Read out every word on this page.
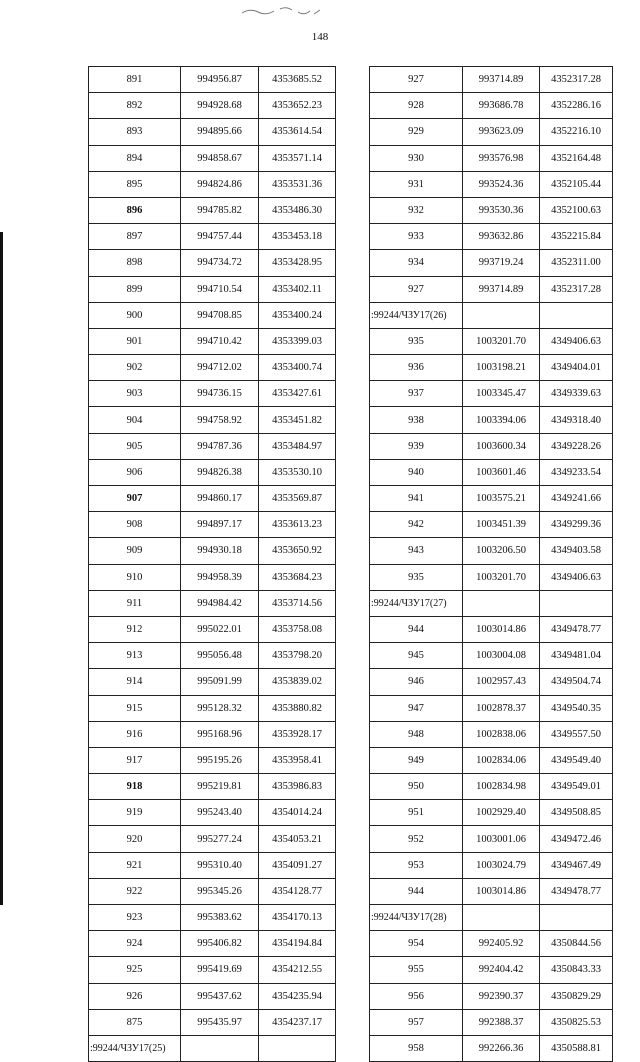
148
891	994956.87	4353685.52
892	994928.68	4353652.23
893	994895.66	4353614.54
894	994858.67	4353571.14
895	994824.86	4353531.36
896	994785.82	4353486.30
897	994757.44	4353453.18
898	994734.72	4353428.95
899	994710.54	4353402.11
900	994708.85	4353400.24
901	994710.42	4353399.03
902	994712.02	4353400.74
903	994736.15	4353427.61
904	994758.92	4353451.82
905	994787.36	4353484.97
906	994826.38	4353530.10
907	994860.17	4353569.87
908	994897.17	4353613.23
909	994930.18	4353650.92
910	994958.39	4353684.23
911	994984.42	4353714.56
912	995022.01	4353758.08
913	995056.48	4353798.20
914	995091.99	4353839.02
915	995128.32	4353880.82
916	995168.96	4353928.17
917	995195.26	4353958.41
918	995219.81	4353986.83
919	995243.40	4354014.24
920	995277.24	4354053.21
921	995310.40	4354091.27
922	995345.26	4354128.77
923	995383.62	4354170.13
924	995406.82	4354194.84
925	995419.69	4354212.55
926	995437.62	4354235.94
875	995435.97	4354237.17
:99244/ЧЗУ17(25)		
927	993714.89	4352317.28
928	993686.78	4352286.16
929	993623.09	4352216.10
930	993576.98	4352164.48
931	993524.36	4352105.44
932	993530.36	4352100.63
933	993632.86	4352215.84
934	993719.24	4352311.00
927	993714.89	4352317.28
:99244/ЧЗУ17(26)		
935	1003201.70	4349406.63
936	1003198.21	4349404.01
937	1003345.47	4349339.63
938	1003394.06	4349318.40
939	1003600.34	4349228.26
940	1003601.46	4349233.54
941	1003575.21	4349241.66
942	1003451.39	4349299.36
943	1003206.50	4349403.58
935	1003201.70	4349406.63
:99244/ЧЗУ17(27)		
944	1003014.86	4349478.77
945	1003004.08	4349481.04
946	1002957.43	4349504.74
947	1002878.37	4349540.35
948	1002838.06	4349557.50
949	1002834.06	4349549.40
950	1002834.98	4349549.01
951	1002929.40	4349508.85
952	1003001.06	4349472.46
953	1003024.79	4349467.49
944	1003014.86	4349478.77
:99244/ЧЗУ17(28)		
954	992405.92	4350844.56
955	992404.42	4350843.33
956	992390.37	4350829.29
957	992388.37	4350825.53
958	992266.36	4350588.81
